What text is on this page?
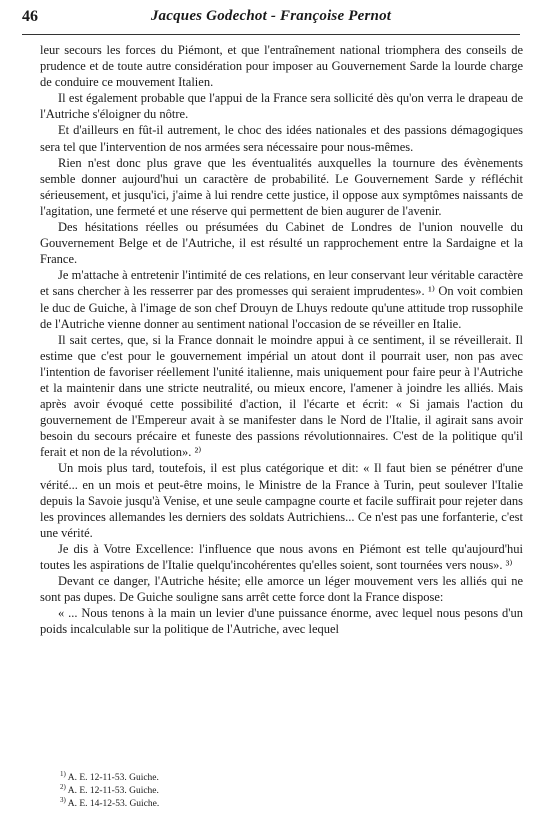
46	Jacques Godechot - Françoise Pernot

leur secours les forces du Piémont, et que l'entraînement national triomphera des conseils de prudence et de toute autre considération pour imposer au Gouvernement Sarde la lourde charge de conduire ce mouvement Italien.

Il est également probable que l'appui de la France sera sollicité dès qu'on verra le drapeau de l'Autriche s'éloigner du nôtre.

Et d'ailleurs en fût-il autrement, le choc des idées nationales et des passions démagogiques sera tel que l'intervention de nos armées sera nécessaire pour nous-mêmes.

Rien n'est donc plus grave que les éventualités auxquelles la tournure des évènements semble donner aujourd'hui un caractère de probabilité. Le Gouvernement Sarde y réfléchit sérieusement, et jusqu'ici, j'aime à lui rendre cette justice, il oppose aux symptômes naissants de l'agitation, une fermeté et une réserve qui permettent de bien augurer de l'avenir.

Des hésitations réelles ou présumées du Cabinet de Londres de l'union nouvelle du Gouvernement Belge et de l'Autriche, il est résulté un rapprochement entre la Sardaigne et la France.

Je m'attache à entretenir l'intimité de ces relations, en leur conservant leur véritable caractère et sans chercher à les resserrer par des promesses qui seraient imprudentes». ¹⁾ On voit combien le duc de Guiche, à l'image de son chef Drouyn de Lhuys redoute qu'une attitude trop russophile de l'Autriche vienne donner au sentiment national l'occasion de se réveiller en Italie.

Il sait certes, que, si la France donnait le moindre appui à ce sentiment, il se réveillerait. Il estime que c'est pour le gouvernement impérial un atout dont il pourrait user, non pas avec l'intention de favoriser réellement l'unité italienne, mais uniquement pour faire peur à l'Autriche et la maintenir dans une stricte neutralité, ou mieux encore, l'amener à joindre les alliés. Mais après avoir évoqué cette possibilité d'action, il l'écarte et écrit: « Si jamais l'action du gouvernement de l'Empereur avait à se manifester dans le Nord de l'Italie, il agirait sans avoir besoin du secours précaire et funeste des passions révolutionnaires. C'est de la politique qu'il ferait et non de la révolution». ²⁾

Un mois plus tard, toutefois, il est plus catégorique et dit: « Il faut bien se pénétrer d'une vérité... en un mois et peut-être moins, le Ministre de la France à Turin, peut soulever l'Italie depuis la Savoie jusqu'à Venise, et une seule campagne courte et facile suffirait pour rejeter dans les provinces allemandes les derniers des soldats Autrichiens... Ce n'est pas une forfanterie, c'est une vérité.

Je dis à Votre Excellence: l'influence que nous avons en Piémont est telle qu'aujourd'hui toutes les aspirations de l'Italie quelqu'incohérentes qu'elles soient, sont tournées vers nous». ³⁾

Devant ce danger, l'Autriche hésite; elle amorce un léger mouvement vers les alliés qui ne sont pas dupes. De Guiche souligne sans arrêt cette force dont la France dispose:

« ... Nous tenons à la main un levier d'une puissance énorme, avec lequel nous pesons d'un poids incalculable sur la politique de l'Autriche, avec lequel

$^{1)}$ A. E. 12-11-53. Guiche.
$^{2)}$ A. E. 12-11-53. Guiche.
$^{3)}$ A. E. 14-12-53. Guiche.
